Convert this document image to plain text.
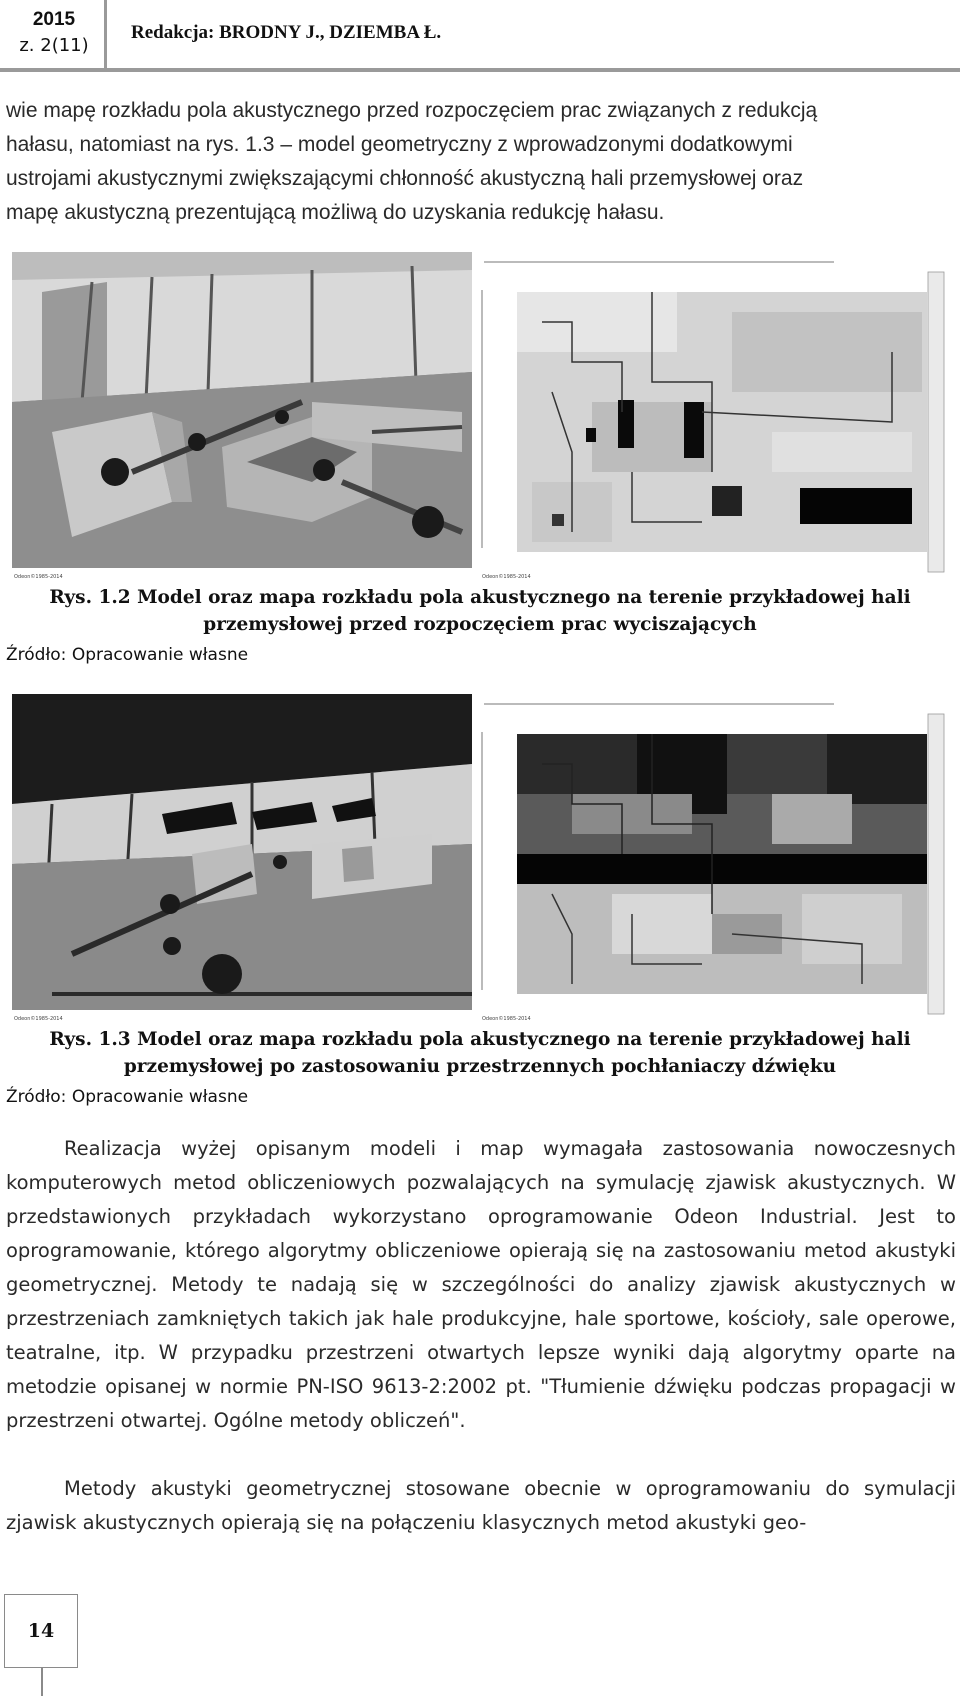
2015
z. 2(11)
Redakcja: BRODNY J., DZIEMBA Ł.
wie mapę rozkładu pola akustycznego przed rozpoczęciem prac związanych z redukcją
hałasu, natomiast na rys. 1.3 – model geometryczny z wprowadzonymi dodatkowymi
ustrojami akustycznymi zwiększającymi chłonność akustyczną hali przemysłowej oraz
mapę akustyczną prezentującą możliwą do uzyskania redukcję hałasu.
Odeon©1985-2014	Odeon©1985-2014
Rys. 1.2 Model oraz mapa rozkładu pola akustycznego na terenie przykładowej hali
przemysłowej przed rozpoczęciem prac wyciszających
Źródło: Opracowanie własne
Odeon©1985-2014	Odeon©1985-2014
Rys. 1.3 Model oraz mapa rozkładu pola akustycznego na terenie przykładowej hali
przemysłowej po zastosowaniu przestrzennych pochłaniaczy dźwięku
Źródło: Opracowanie własne

Realizacja wyżej opisanym modeli i map wymagała zastosowania nowoczesnych komputerowych metod obliczeniowych pozwalających na symulację zjawisk akustycznych. W przedstawionych przykładach wykorzystano oprogramowanie Odeon Industrial. Jest to oprogramowanie, którego algorytmy obliczeniowe opierają się na zastosowaniu metod akustyki geometrycznej. Metody te nadają się w szczególności do analizy zjawisk akustycznych w przestrzeniach zamkniętych takich jak hale produkcyjne, hale sportowe, kościoły, sale operowe, teatralne, itp. W przypadku przestrzeni otwartych lepsze wyniki dają algorytmy oparte na metodzie opisanej w normie PN-ISO 9613-2:2002 pt. "Tłumienie dźwięku podczas propagacji w przestrzeni otwartej. Ogólne metody obliczeń".

Metody akustyki geometrycznej stosowane obecnie w oprogramowaniu do symulacji zjawisk akustycznych opierają się na połączeniu klasycznych metod akustyki geo-

14
